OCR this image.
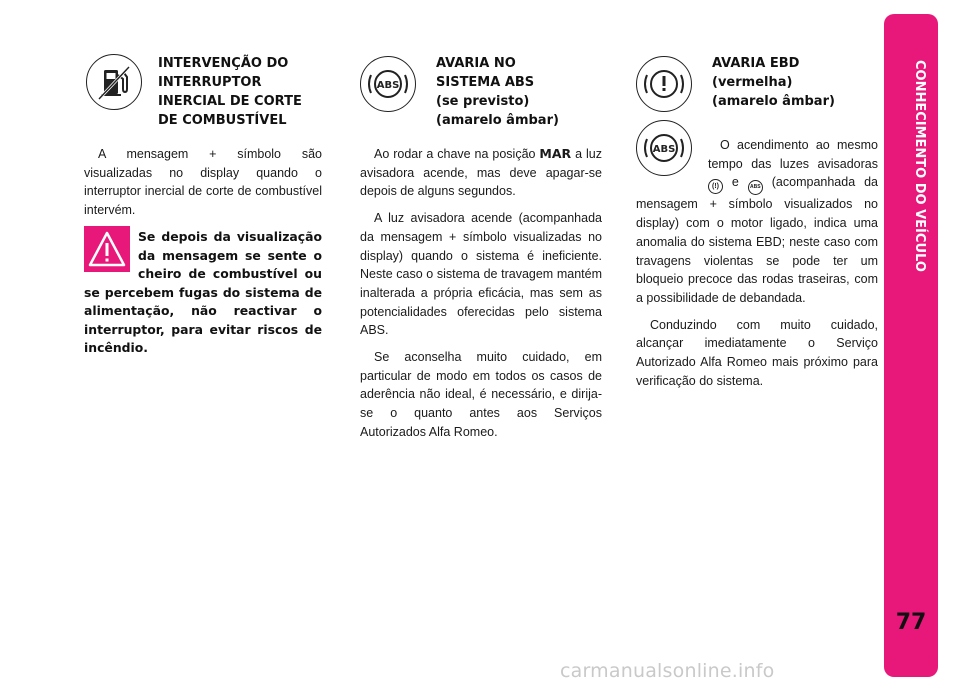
INTERVENÇÃO DO
INTERRUPTOR
INERCIAL DE CORTE
DE COMBUSTÍVEL

A mensagem + símbolo são visualizadas no display quando o interruptor inercial de corte de combustível intervém.

Se depois da visualização da mensagem se sente o cheiro de combustível ou se percebem fugas do sistema de alimentação, não reactivar o interruptor, para evitar riscos de incêndio.
ABS
AVARIA NO
SISTEMA ABS
(se previsto)
(amarelo âmbar)

Ao rodar a chave na posição MAR a luz avisadora acende, mas deve apagar-se depois de alguns segundos.

A luz avisadora acende (acompanhada da mensagem + símbolo visualizadas no display) quando o sistema é ineficiente. Neste caso o sistema de travagem mantém inalterada a própria eficácia, mas sem as potencialidades oferecidas pelo sistema ABS.

Se aconselha muito cuidado, em particular de modo em todos os casos de aderência não ideal, é necessário, e dirija-se o quanto antes aos Serviços Autorizados Alfa Romeo.

ABS
AVARIA EBD
(vermelha)
(amarelo âmbar)

O acendimento ao mesmo tempo das luzes avisadoras (!) e ABS (acompanhada da mensagem + símbolo visualizados no display) com o motor ligado, indica uma anomalia do sistema EBD; neste caso com travagens violentas se pode ter um bloqueio precoce das rodas traseiras, com a possibilidade de debandada.

Conduzindo com muito cuidado, alcançar imediatamente o Serviço Autorizado Alfa Romeo mais próximo para verificação do sistema.

CONHECIMENTO DO VEÍCULO
77
carmanualsonline.info
